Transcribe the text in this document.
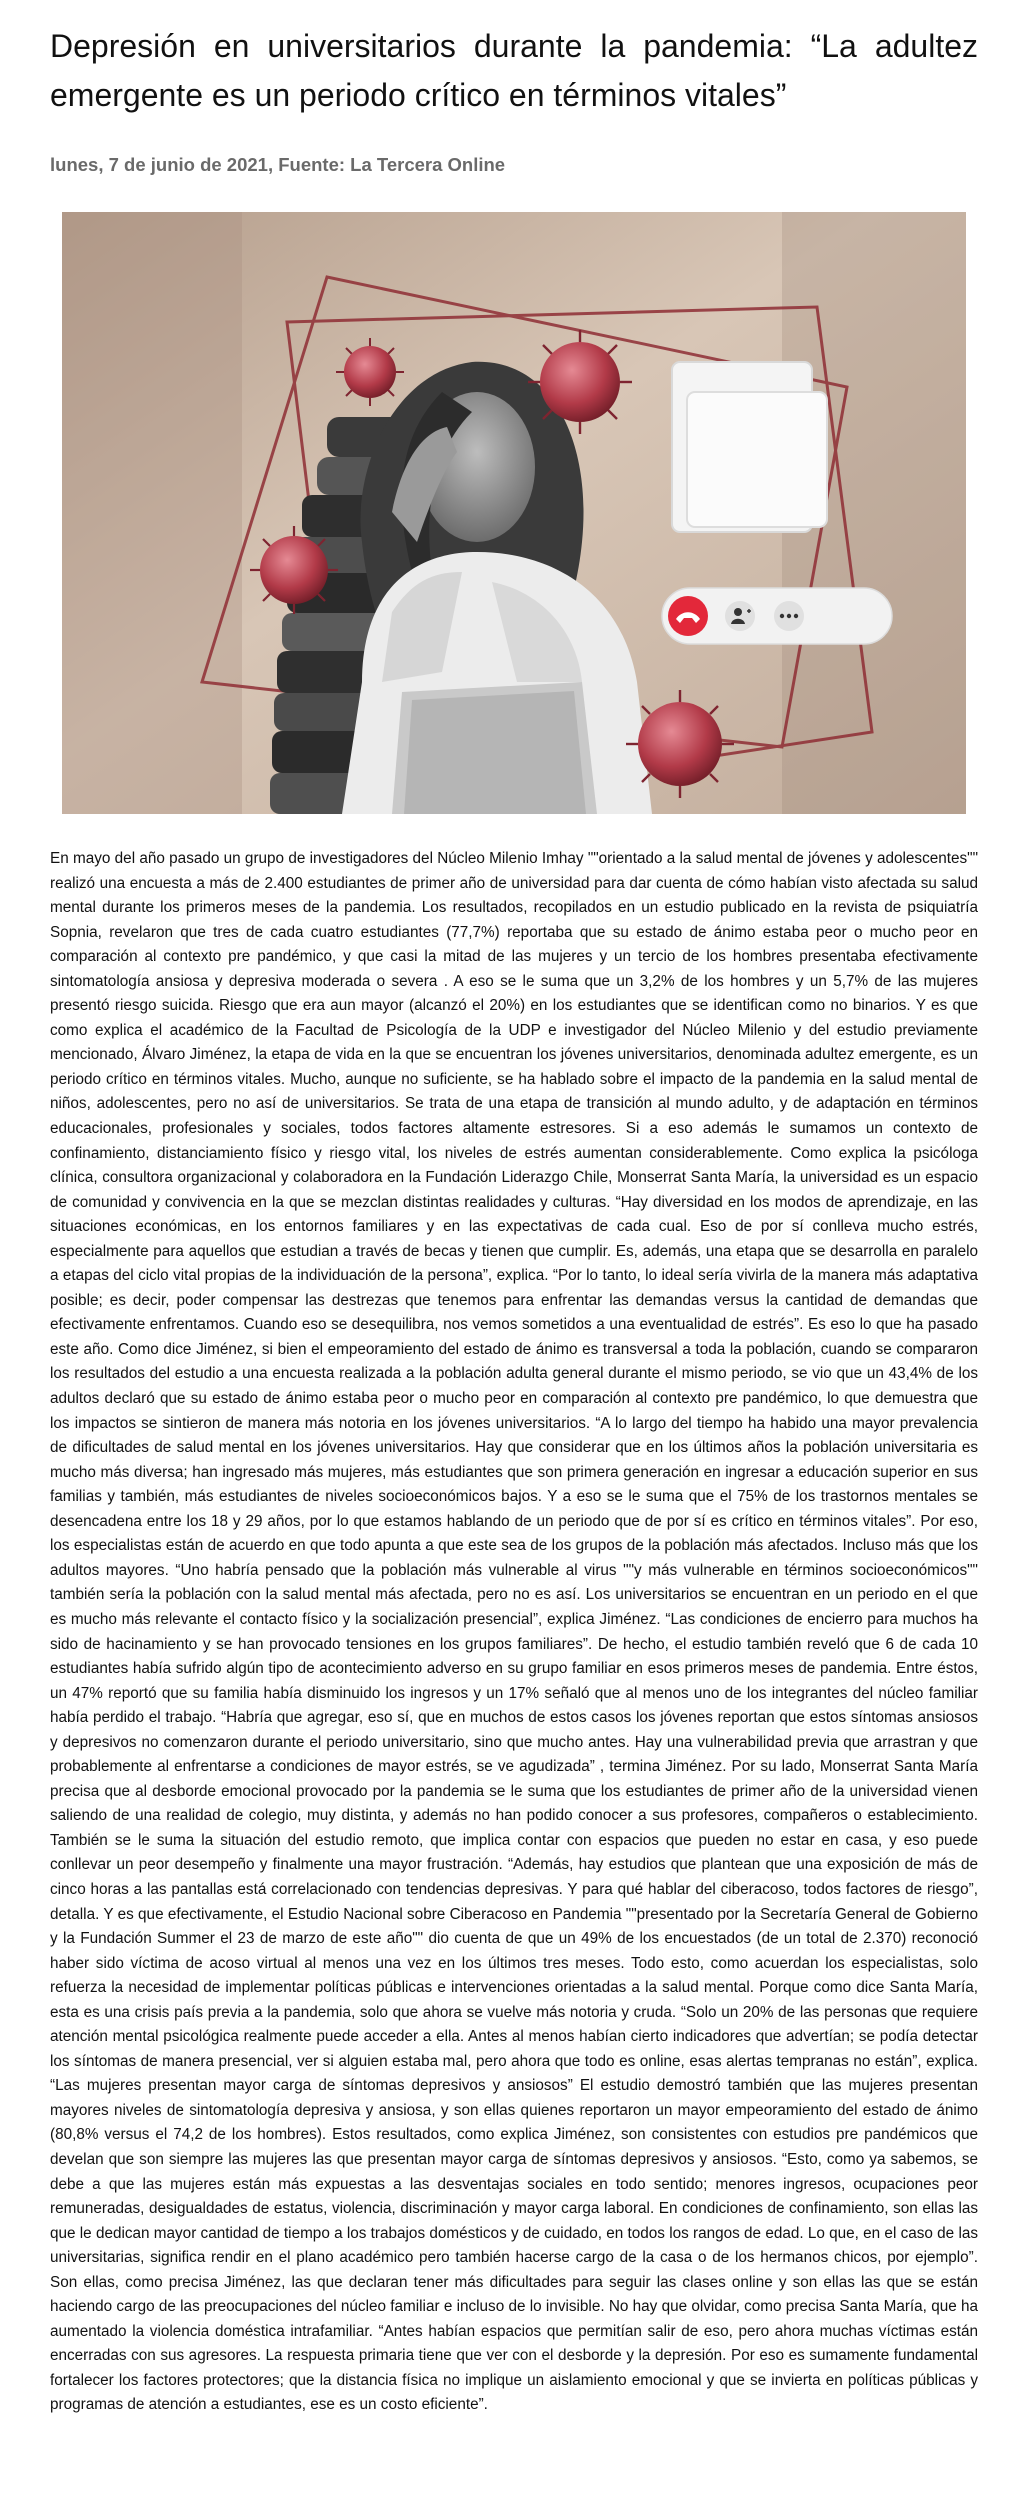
Depresión en universitarios durante la pandemia: “La adultez emergente es un periodo crítico en términos vitales”

lunes, 7 de junio de 2021, Fuente: La Tercera Online

En mayo del año pasado un grupo de investigadores del Núcleo Milenio Imhay ""orientado a la salud mental de jóvenes y adolescentes"" realizó una encuesta a más de 2.400 estudiantes de primer año de universidad para dar cuenta de cómo habían visto afectada su salud mental durante los primeros meses de la pandemia. Los resultados, recopilados en un estudio publicado en la revista de psiquiatría Sopnia, revelaron que tres de cada cuatro estudiantes (77,7%) reportaba que su estado de ánimo estaba peor o mucho peor en comparación al contexto pre pandémico, y que casi la mitad de las mujeres y un tercio de los hombres presentaba efectivamente sintomatología ansiosa y depresiva moderada o severa . A eso se le suma que un 3,2% de los hombres y un 5,7% de las mujeres presentó riesgo suicida. Riesgo que era aun mayor (alcanzó el 20%) en los estudiantes que se identifican como no binarios. Y es que como explica el académico de la Facultad de Psicología de la UDP e investigador del Núcleo Milenio y del estudio previamente mencionado, Álvaro Jiménez, la etapa de vida en la que se encuentran los jóvenes universitarios, denominada adultez emergente, es un periodo crítico en términos vitales. Mucho, aunque no suficiente, se ha hablado sobre el impacto de la pandemia en la salud mental de niños, adolescentes, pero no así de universitarios. Se trata de una etapa de transición al mundo adulto, y de adaptación en términos educacionales, profesionales y sociales, todos factores altamente estresores. Si a eso además le sumamos un contexto de confinamiento, distanciamiento físico y riesgo vital, los niveles de estrés aumentan considerablemente. Como explica la psicóloga clínica, consultora organizacional y colaboradora en la Fundación Liderazgo Chile, Monserrat Santa María, la universidad es un espacio de comunidad y convivencia en la que se mezclan distintas realidades y culturas. “Hay diversidad en los modos de aprendizaje, en las situaciones económicas, en los entornos familiares y en las expectativas de cada cual. Eso de por sí conlleva mucho estrés, especialmente para aquellos que estudian a través de becas y tienen que cumplir. Es, además, una etapa que se desarrolla en paralelo a etapas del ciclo vital propias de la individuación de la persona”, explica. “Por lo tanto, lo ideal sería vivirla de la manera más adaptativa posible; es decir, poder compensar las destrezas que tenemos para enfrentar las demandas versus la cantidad de demandas que efectivamente enfrentamos. Cuando eso se desequilibra, nos vemos sometidos a una eventualidad de estrés”. Es eso lo que ha pasado este año. Como dice Jiménez, si bien el empeoramiento del estado de ánimo es transversal a toda la población, cuando se compararon los resultados del estudio a una encuesta realizada a la población adulta general durante el mismo periodo, se vio que un 43,4% de los adultos declaró que su estado de ánimo estaba peor o mucho peor en comparación al contexto pre pandémico, lo que demuestra que los impactos se sintieron de manera más notoria en los jóvenes universitarios. “A lo largo del tiempo ha habido una mayor prevalencia de dificultades de salud mental en los jóvenes universitarios. Hay que considerar que en los últimos años la población universitaria es mucho más diversa; han ingresado más mujeres, más estudiantes que son primera generación en ingresar a educación superior en sus familias y también, más estudiantes de niveles socioeconómicos bajos. Y a eso se le suma que el 75% de los trastornos mentales se desencadena entre los 18 y 29 años, por lo que estamos hablando de un periodo que de por sí es crítico en términos vitales”. Por eso, los especialistas están de acuerdo en que todo apunta a que este sea de los grupos de la población más afectados. Incluso más que los adultos mayores. “Uno habría pensado que la población más vulnerable al virus ""y más vulnerable en términos socioeconómicos"" también sería la población con la salud mental más afectada, pero no es así. Los universitarios se encuentran en un periodo en el que es mucho más relevante el contacto físico y la socialización presencial”, explica Jiménez. “Las condiciones de encierro para muchos ha sido de hacinamiento y se han provocado tensiones en los grupos familiares”. De hecho, el estudio también reveló que 6 de cada 10 estudiantes había sufrido algún tipo de acontecimiento adverso en su grupo familiar en esos primeros meses de pandemia. Entre éstos, un 47% reportó que su familia había disminuido los ingresos y un 17% señaló que al menos uno de los integrantes del núcleo familiar había perdido el trabajo. “Habría que agregar, eso sí, que en muchos de estos casos los jóvenes reportan que estos síntomas ansiosos y depresivos no comenzaron durante el periodo universitario, sino que mucho antes. Hay una vulnerabilidad previa que arrastran y que probablemente al enfrentarse a condiciones de mayor estrés, se ve agudizada” , termina Jiménez. Por su lado, Monserrat Santa María precisa que al desborde emocional provocado por la pandemia se le suma que los estudiantes de primer año de la universidad vienen saliendo de una realidad de colegio, muy distinta, y además no han podido conocer a sus profesores, compañeros o establecimiento. También se le suma la situación del estudio remoto, que implica contar con espacios que pueden no estar en casa, y eso puede conllevar un peor desempeño y finalmente una mayor frustración. “Además, hay estudios que plantean que una exposición de más de cinco horas a las pantallas está correlacionado con tendencias depresivas. Y para qué hablar del ciberacoso, todos factores de riesgo”, detalla. Y es que efectivamente, el Estudio Nacional sobre Ciberacoso en Pandemia ""presentado por la Secretaría General de Gobierno y la Fundación Summer el 23 de marzo de este año"" dio cuenta de que un 49% de los encuestados (de un total de 2.370) reconoció haber sido víctima de acoso virtual al menos una vez en los últimos tres meses. Todo esto, como acuerdan los especialistas, solo refuerza la necesidad de implementar políticas públicas e intervenciones orientadas a la salud mental. Porque como dice Santa María, esta es una crisis país previa a la pandemia, solo que ahora se vuelve más notoria y cruda. “Solo un 20% de las personas que requiere atención mental psicológica realmente puede acceder a ella. Antes al menos habían cierto indicadores que advertían; se podía detectar los síntomas de manera presencial, ver si alguien estaba mal, pero ahora que todo es online, esas alertas tempranas no están”, explica. “Las mujeres presentan mayor carga de síntomas depresivos y ansiosos” El estudio demostró también que las mujeres presentan mayores niveles de sintomatología depresiva y ansiosa, y son ellas quienes reportaron un mayor empeoramiento del estado de ánimo (80,8% versus el 74,2 de los hombres). Estos resultados, como explica Jiménez, son consistentes con estudios pre pandémicos que develan que son siempre las mujeres las que presentan mayor carga de síntomas depresivos y ansiosos. “Esto, como ya sabemos, se debe a que las mujeres están más expuestas a las desventajas sociales en todo sentido; menores ingresos, ocupaciones peor remuneradas, desigualdades de estatus, violencia, discriminación y mayor carga laboral. En condiciones de confinamiento, son ellas las que le dedican mayor cantidad de tiempo a los trabajos domésticos y de cuidado, en todos los rangos de edad. Lo que, en el caso de las universitarias, significa rendir en el plano académico pero también hacerse cargo de la casa o de los hermanos chicos, por ejemplo”. Son ellas, como precisa Jiménez, las que declaran tener más dificultades para seguir las clases online y son ellas las que se están haciendo cargo de las preocupaciones del núcleo familiar e incluso de lo invisible. No hay que olvidar, como precisa Santa María, que ha aumentado la violencia doméstica intrafamiliar. “Antes habían espacios que permitían salir de eso, pero ahora muchas víctimas están encerradas con sus agresores. La respuesta primaria tiene que ver con el desborde y la depresión. Por eso es sumamente fundamental fortalecer los factores protectores; que la distancia física no implique un aislamiento emocional y que se invierta en políticas públicas y programas de atención a estudiantes, ese es un costo eficiente”.
